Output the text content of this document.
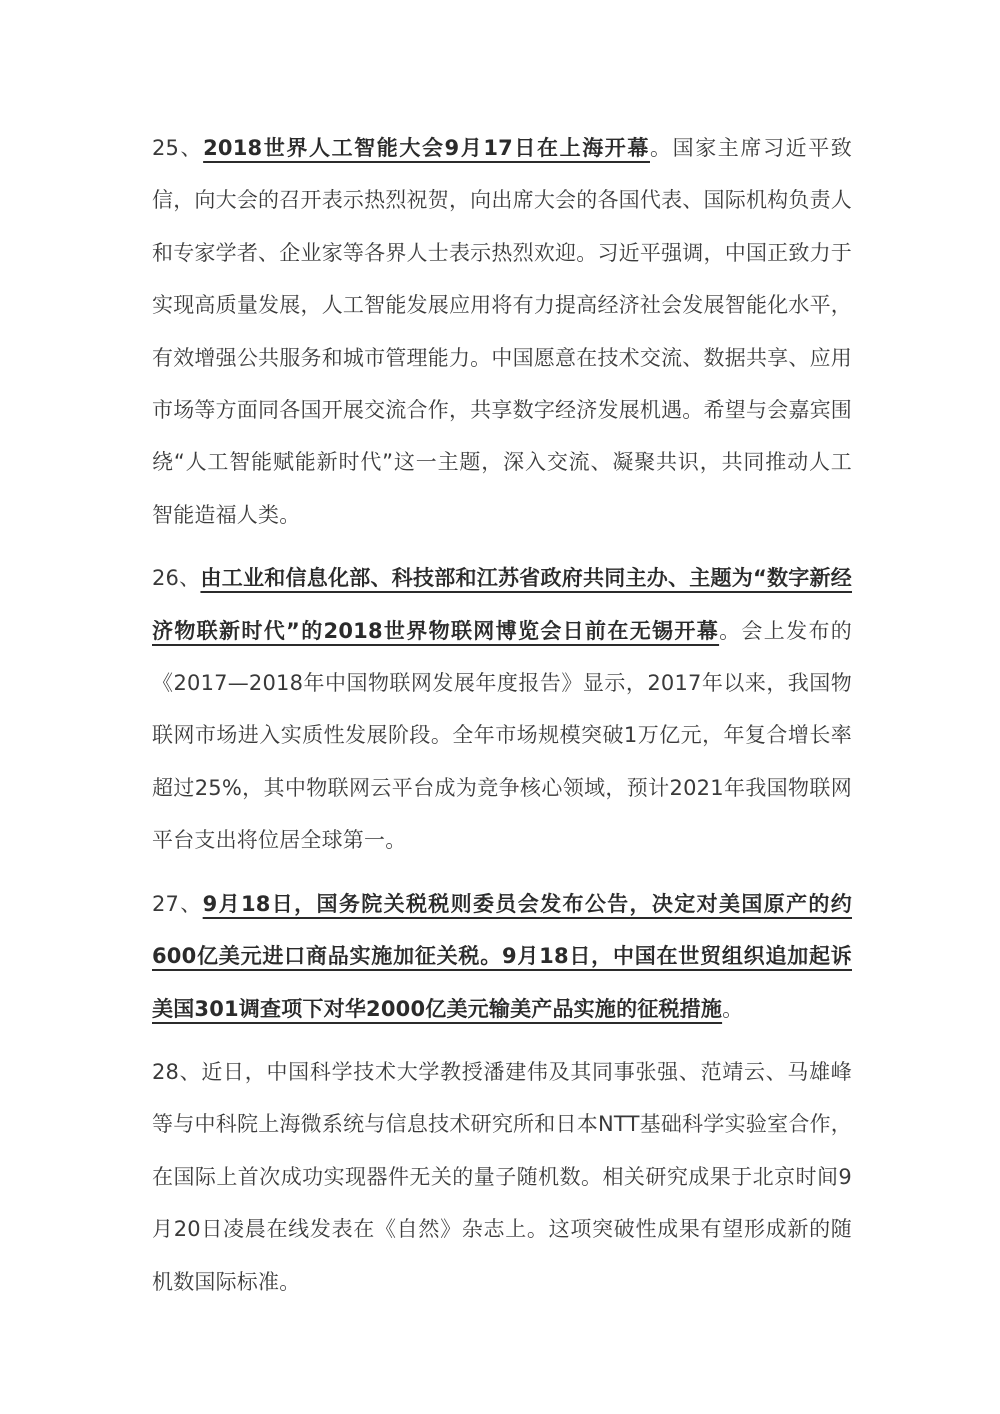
25、2018世界人工智能大会9月17日在上海开幕。国家主席习近平致信，向大会的召开表示热烈祝贺，向出席大会的各国代表、国际机构负责人和专家学者、企业家等各界人士表示热烈欢迎。习近平强调，中国正致力于实现高质量发展，人工智能发展应用将有力提高经济社会发展智能化水平，有效增强公共服务和城市管理能力。中国愿意在技术交流、数据共享、应用市场等方面同各国开展交流合作，共享数字经济发展机遇。希望与会嘉宾围绕“人工智能赋能新时代”这一主题，深入交流、凝聚共识，共同推动人工智能造福人类。

26、由工业和信息化部、科技部和江苏省政府共同主办、主题为“数字新经济物联新时代”的2018世界物联网博览会日前在无锡开幕。会上发布的《2017—2018年中国物联网发展年度报告》显示，2017年以来，我国物联网市场进入实质性发展阶段。全年市场规模突破1万亿元，年复合增长率超过25%，其中物联网云平台成为竞争核心领域，预计2021年我国物联网平台支出将位居全球第一。

27、9月18日，国务院关税税则委员会发布公告，决定对美国原产的约600亿美元进口商品实施加征关税。9月18日，中国在世贸组织追加起诉美国301调查项下对华2000亿美元输美产品实施的征税措施。

28、近日，中国科学技术大学教授潘建伟及其同事张强、范靖云、马雄峰等与中科院上海微系统与信息技术研究所和日本NTT基础科学实验室合作，在国际上首次成功实现器件无关的量子随机数。相关研究成果于北京时间9月20日凌晨在线发表在《自然》杂志上。这项突破性成果有望形成新的随机数国际标准。
